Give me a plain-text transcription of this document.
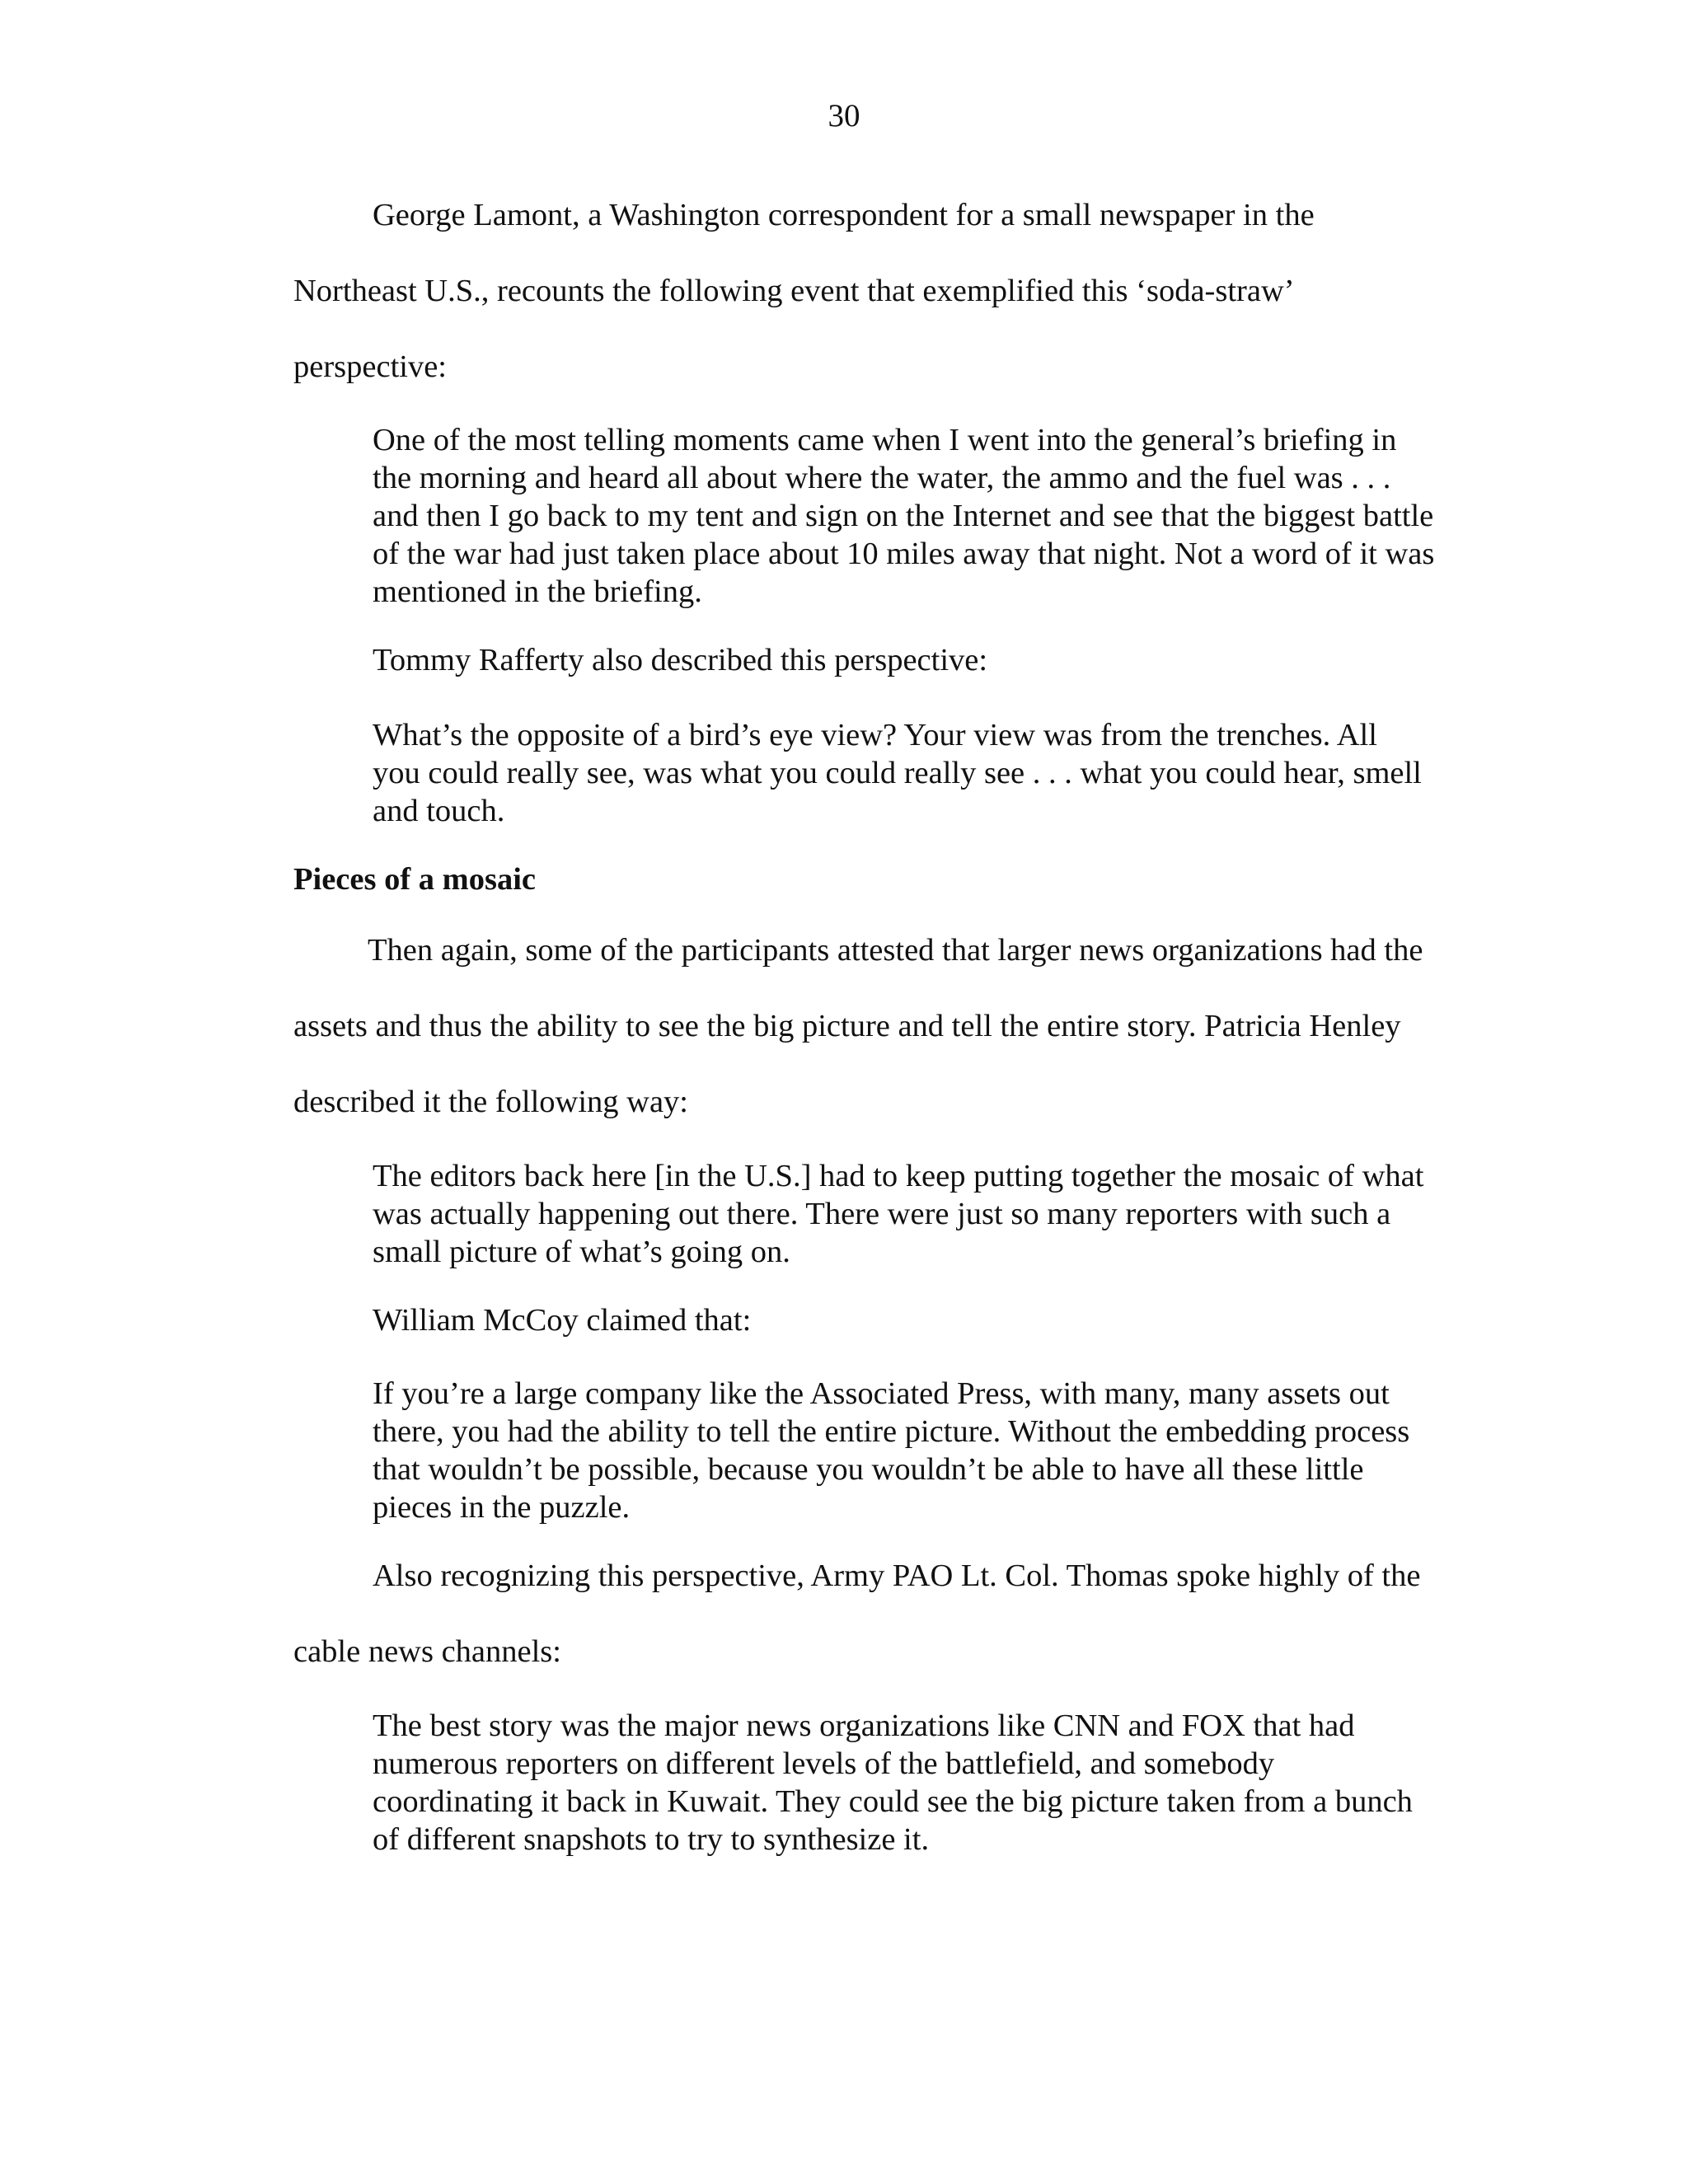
30

George Lamont, a Washington correspondent for a small newspaper in the

Northeast U.S., recounts the following event that exemplified this ‘soda-straw’

perspective:

One of the most telling moments came when I went into the general’s briefing in

the morning and heard all about where the water, the ammo and the fuel was . . .

and then I go back to my tent and sign on the Internet and see that the biggest battle

of the war had just taken place about 10 miles away that night. Not a word of it was

mentioned in the briefing.

Tommy Rafferty also described this perspective:

What’s the opposite of a bird’s eye view? Your view was from the trenches. All

you could really see, was what you could really see . . . what you could hear, smell

and touch.

Pieces of a mosaic

Then again, some of the participants attested that larger news organizations had the

assets and thus the ability to see the big picture and tell the entire story. Patricia Henley

described it the following way:

The editors back here [in the U.S.] had to keep putting together the mosaic of what

was actually happening out there. There were just so many reporters with such a

small picture of what’s going on.

William McCoy claimed that:

If you’re a large company like the Associated Press, with many, many assets out

there, you had the ability to tell the entire picture. Without the embedding process

that wouldn’t be possible, because you wouldn’t be able to have all these little

pieces in the puzzle.

Also recognizing this perspective, Army PAO Lt. Col. Thomas spoke highly of the

cable news channels:

The best story was the major news organizations like CNN and FOX that had

numerous reporters on different levels of the battlefield, and somebody

coordinating it back in Kuwait. They could see the big picture taken from a bunch

of different snapshots to try to synthesize it.
